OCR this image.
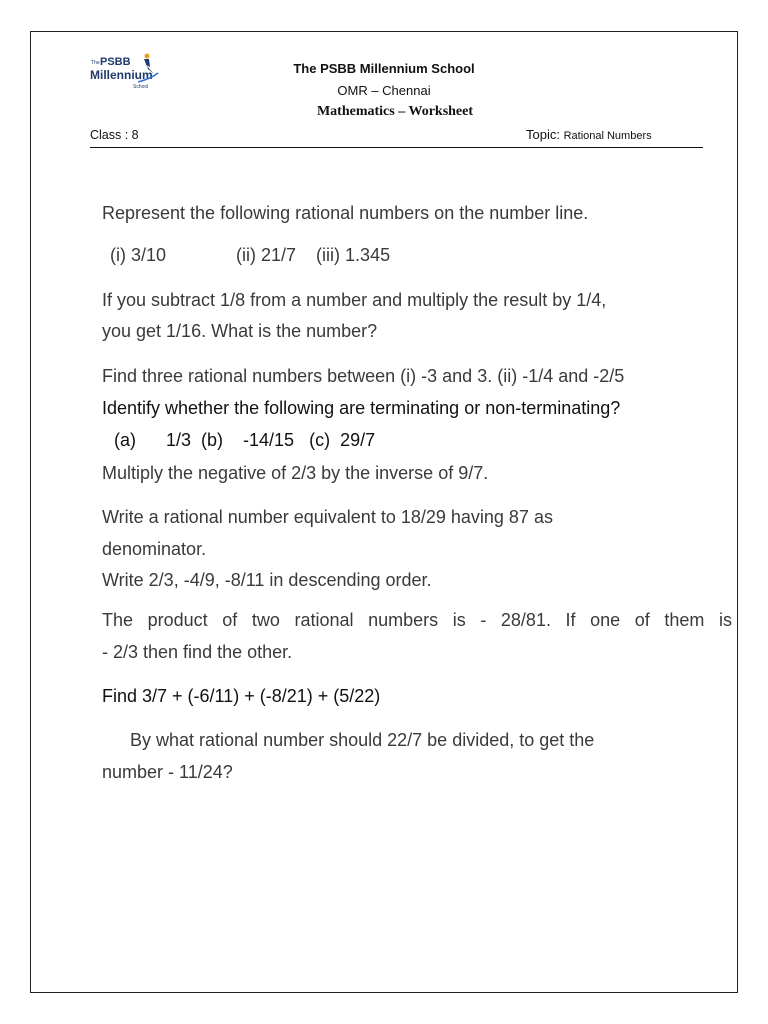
The PSBB
Millennium
School
The PSBB Millennium School
OMR – Chennai
Mathematics – Worksheet
Class : 8	Topic: Rational Numbers
Represent the following rational numbers on the number line.
(i) 3/10              (ii) 21/7    (iii) 1.345
If you subtract 1/8 from a number and multiply the result by 1/4,
you get 1/16. What is the number?
Find three rational numbers between (i) -3 and 3. (ii) -1/4 and -2/5
Identify whether the following are terminating or non-terminating?
(a)      1/3  (b)    -14/15   (c)  29/7
Multiply the negative of 2/3 by the inverse of 9/7.
Write a rational number equivalent to 18/29 having 87 as
denominator.
Write 2/3, -4/9, -8/11 in descending order.
The product of two rational numbers is - 28/81. If one of them is
- 2/3 then find the other.
Find 3/7 + (-6/11) + (-8/21) + (5/22)
By what rational number should 22/7 be divided, to get the
number - 11/24?
